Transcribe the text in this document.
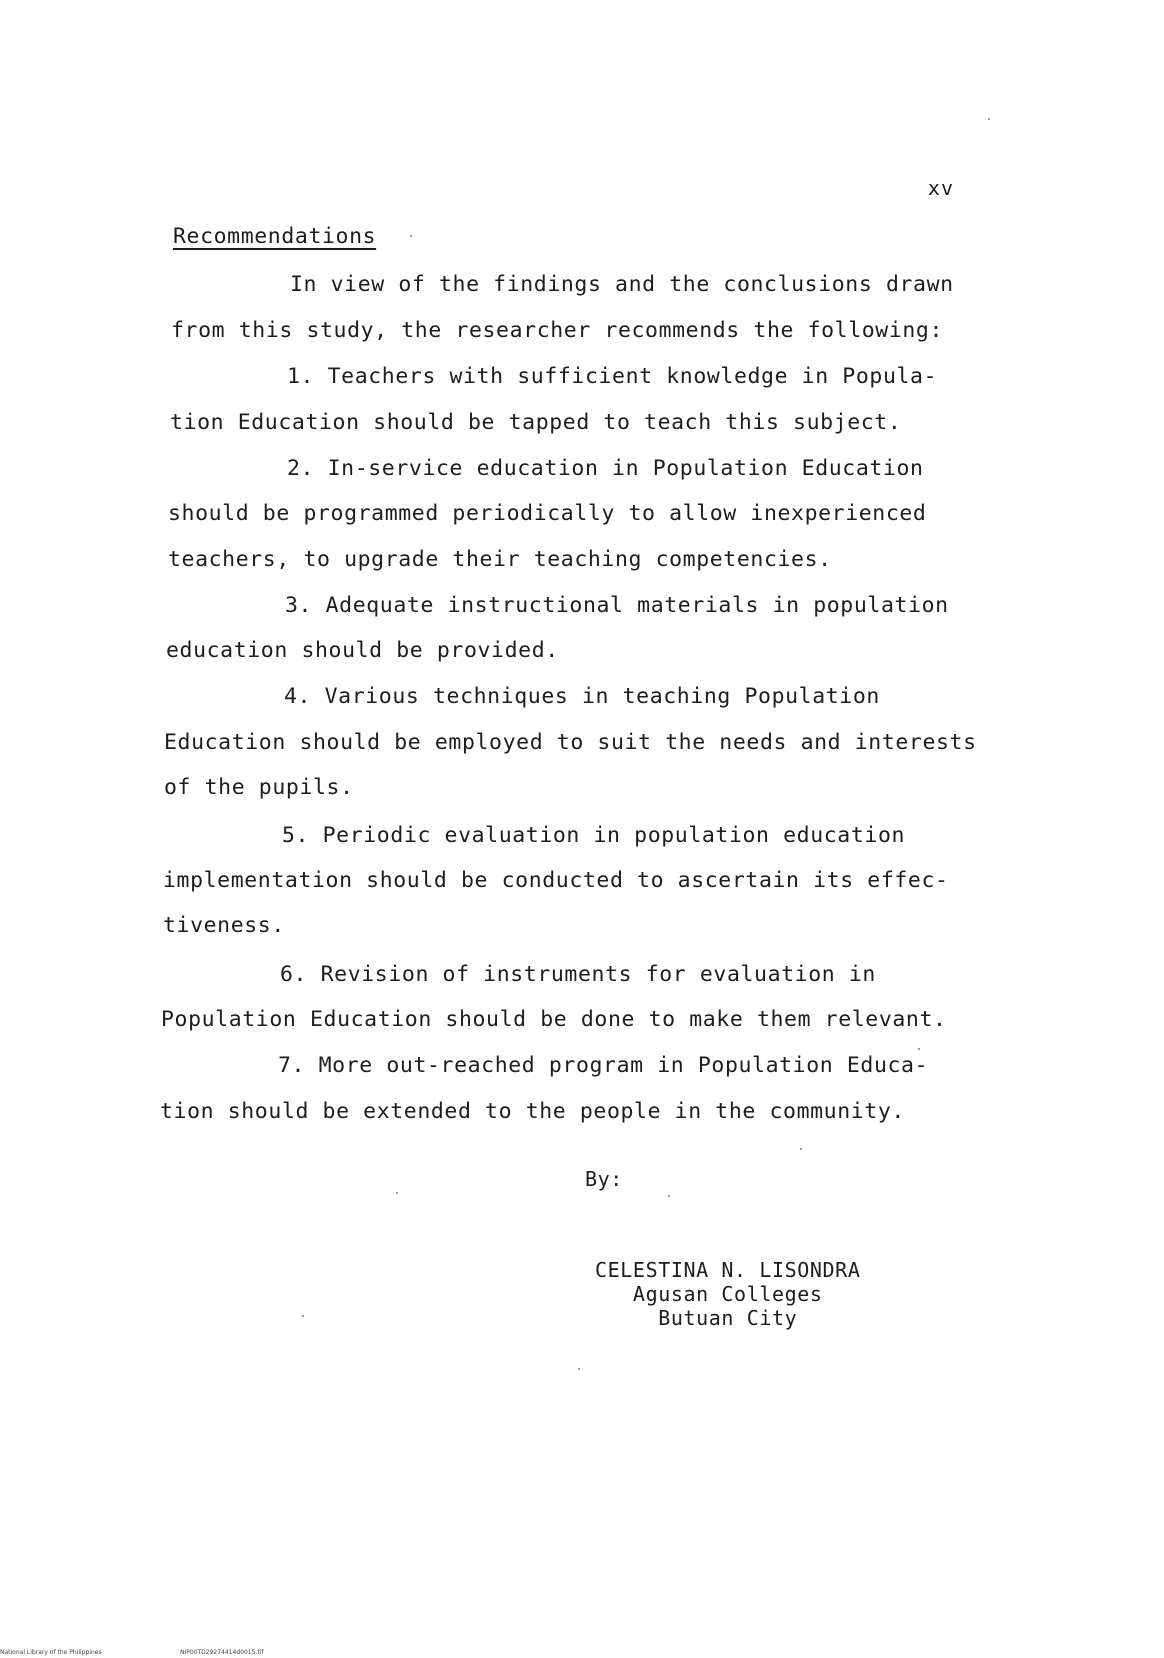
xv
Recommendations
In view of the findings and the conclusions drawn
from this study, the researcher recommends the following:
1. Teachers with sufficient knowledge in Popula-
tion Education should be tapped to teach this subject.
2. In-service education in Population Education
should be programmed periodically to allow inexperienced
teachers, to upgrade their teaching competencies.
3. Adequate instructional materials in population
education should be provided.
4. Various techniques in teaching Population
Education should be employed to suit the needs and interests
of the pupils.
5. Periodic evaluation in population education
implementation should be conducted to ascertain its effec-
tiveness.
6. Revision of instruments for evaluation in
Population Education should be done to make them relevant.
7. More out-reached program in Population Educa-
tion should be extended to the people in the community.
By:
CELESTINA N. LISONDRA
Agusan Colleges
Butuan City
National Library of the Philippines	NIP00TD29274414d0015.tif
